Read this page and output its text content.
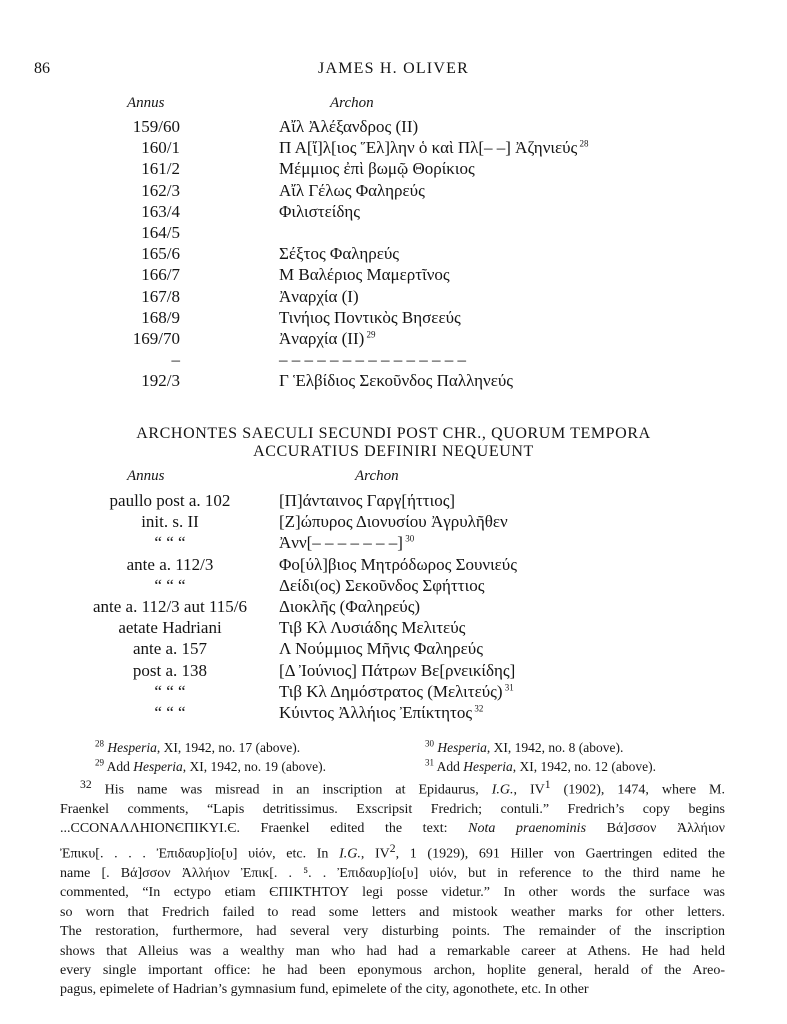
86	JAMES H. OLIVER
Annus	Archon
159/60	Αἴλ Ἀλέξανδρος (II)
160/1	Π Α[ἴ]λ[ιος Ἕλ]λην ὁ καὶ Πλ[– –] Ἀζηνιεύς $^{28}$
161/2	Μέμμιος ἐπὶ βωμῷ Θορίκιος
162/3	Αἴλ Γέλως Φαληρεύς
163/4	Φιλιστείδης
164/5
165/6	Σέξτος Φαληρεύς
166/7	Μ Βαλέριος Μαμερτῖνος
167/8	Ἀναρχία (I)
168/9	Τινήιος Ποντικὸς Βησεεύς
169/70	Ἀναρχία (II) $^{29}$
–	– – – – – – – – – – – – – – –
192/3	Γ Ἑλβίδιος Σεκοῦνδος Παλληνεύς
ARCHONTES SAECULI SECUNDI POST CHR., QUORUM TEMPORA
ACCURATIUS DEFINIRI NEQUEUNT
Annus	Archon
paullo post a. 102	[Π]άνταινος Γαργ[ήττιος]
init. s. II	[Ζ]ώπυρος Διονυσίου Ἀγρυλῆθεν
“ “ “	Ἀνν[– – – – – – –] $^{30}$
ante a. 112/3	Φο[ύλ]βιος Μητρόδωρος Σουνιεύς
“ “ “	Δείδι(ος) Σεκοῦνδος Σφήττιος
ante a. 112/3 aut 115/6	Διοκλῆς (Φαληρεύς)
aetate Hadriani	Τιβ Κλ Λυσιάδης Μελιτεύς
ante a. 157	Λ Νούμμιος Μῆνις Φαληρεύς
post a. 138	[Δ Ἰούνιος] Πάτρων Βε[ρνεικίδης]
“ “ “	Τιβ Κλ Δημόστρατος (Μελιτεύς) $^{31}$
“ “ “	Κύιντος Ἀλλήιος Ἐπίκτητος $^{32}$
$^{28}$ Hesperia, XI, 1942, no. 17 (above).	$^{30}$ Hesperia, XI, 1942, no. 8 (above).
$^{29}$ Add Hesperia, XI, 1942, no. 19 (above).	$^{31}$ Add Hesperia, XI, 1942, no. 12 (above).
$^{32}$ His name was misread in an inscription at Epidaurus, I.G., $IV^1$ (1902), 1474, where M.
Fraenkel comments, “Lapis detritissimus. Exscripsit Fredrich; contuli.” Fredrich’s copy begins
...CCONAΛΛΗΙΟΝЄΠΙΚΥΙ.Є. Fraenkel edited the text: Nota praenominis Βά]σσον Ἀλλήιον
Ἐπικυ[. . . . Ἐπιδαυρ]ίο[υ] υἱόν, etc. In I.G., $IV^2$, 1 (1929), 691 Hiller von Gaertringen edited the
name [. Βά]σσον Ἀλλήιον Ἐπικ[. . ⁵. . Ἐπιδαυρ]ίο[υ] υἱόν, but in reference to the third name he
commented, “In ectypo etiam ЄΠΙΚΤΗΤΟΥ legi posse videtur.” In other words the surface was
so worn that Fredrich failed to read some letters and mistook weather marks for other letters.
The restoration, furthermore, had several very disturbing points. The remainder of the inscription
shows that Alleius was a wealthy man who had had a remarkable career at Athens. He had held
every single important office: he had been eponymous archon, hoplite general, herald of the Areo-
pagus, epimelete of Hadrian’s gymnasium fund, epimelete of the city, agonothete, etc. In other
